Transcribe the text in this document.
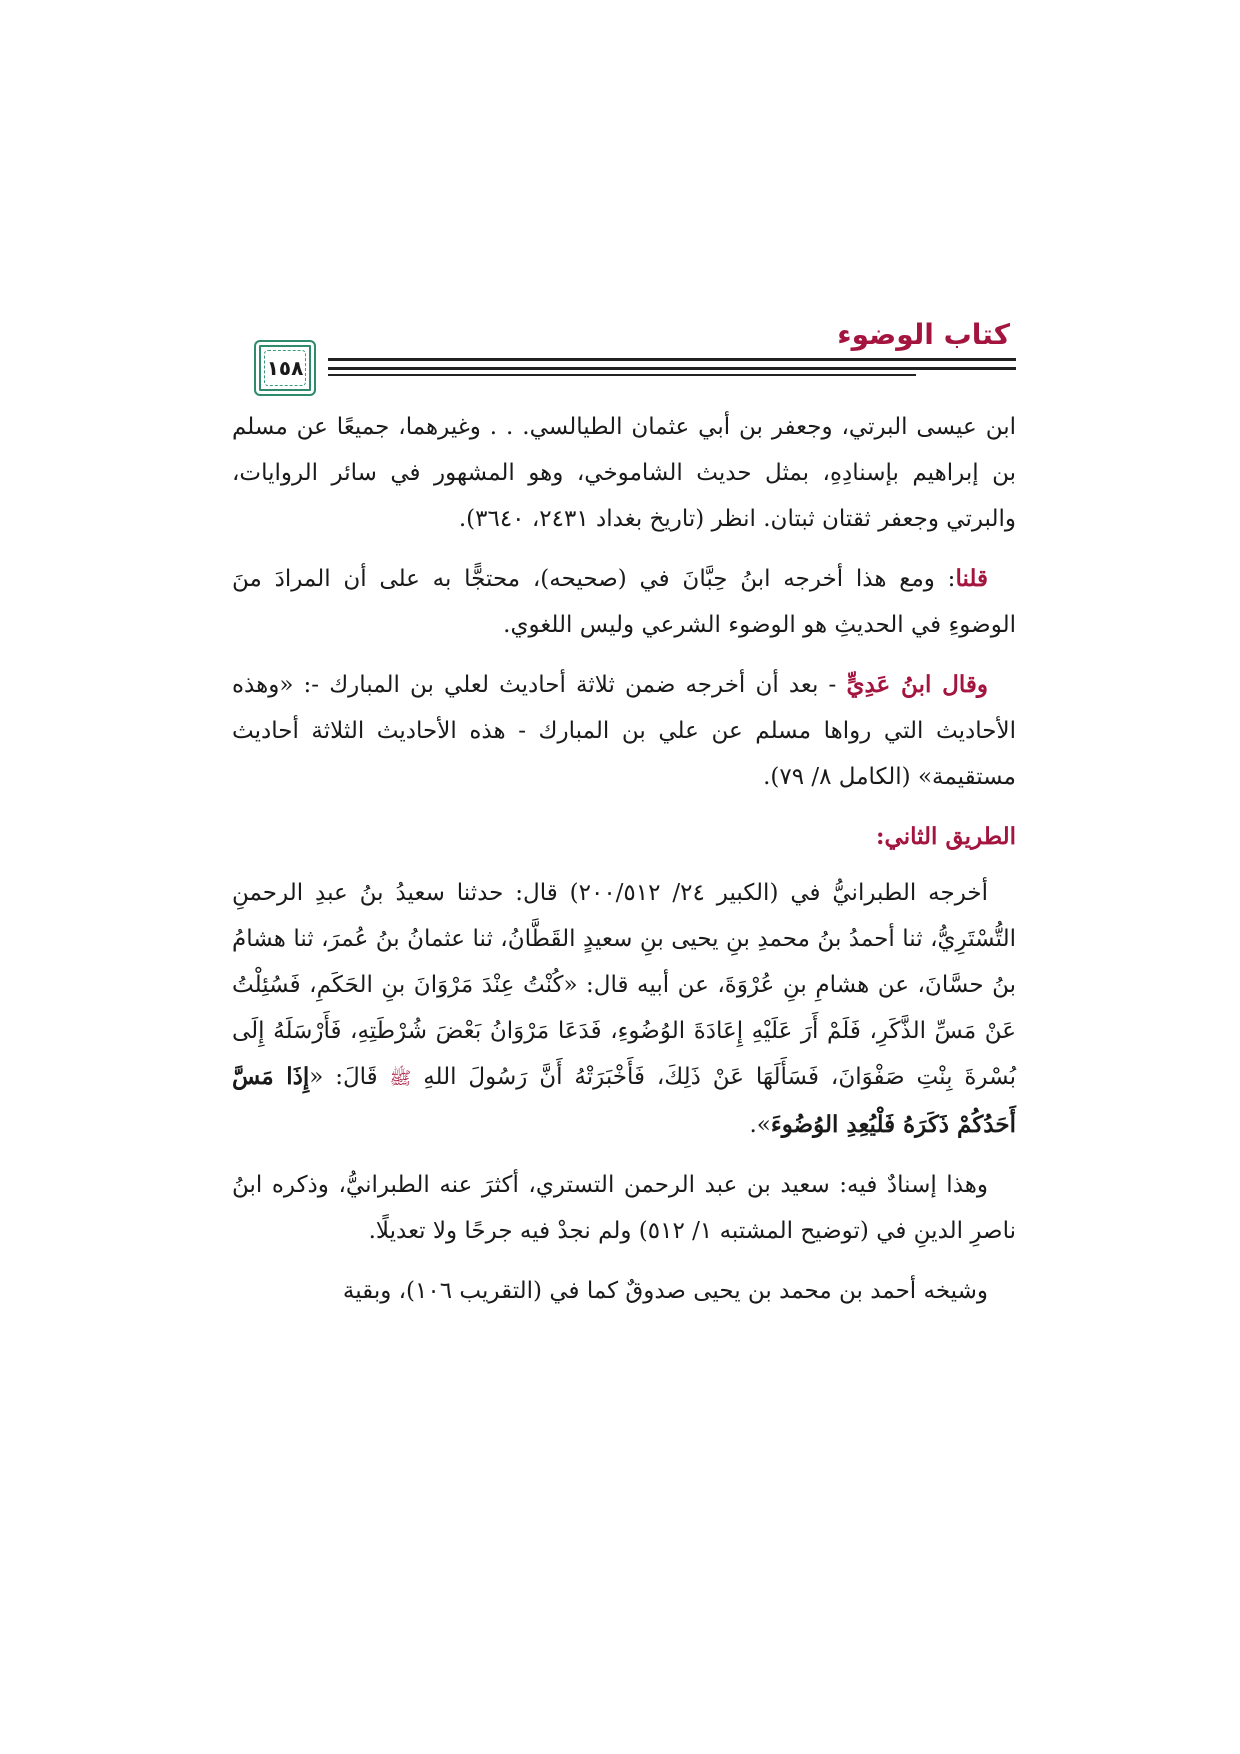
كتاب الوضوء
١٥٨

ابن عيسى البرتي، وجعفر بن أبي عثمان الطيالسي. . . وغيرهما، جميعًا عن مسلم بن إبراهيم بإسنادِهِ، بمثل حديث الشاموخي، وهو المشهور في سائر الروايات، والبرتي وجعفر ثقتان ثبتان. انظر (تاريخ بغداد ٢٤٣١، ٣٦٤٠).

قلنا: ومع هذا أخرجه ابنُ حِبَّانَ في (صحيحه)، محتجًّا به على أن المرادَ منَ الوضوءِ في الحديثِ هو الوضوء الشرعي وليس اللغوي.

وقال ابنُ عَدِيٍّ - بعد أن أخرجه ضمن ثلاثة أحاديث لعلي بن المبارك -: «وهذه الأحاديث التي رواها مسلم عن علي بن المبارك - هذه الأحاديث الثلاثة أحاديث مستقيمة» (الكامل ٨/ ٧٩).

الطريق الثاني:

أخرجه الطبرانيُّ في (الكبير ٢٤/ ٢٠٠/٥١٢) قال: حدثنا سعيدُ بنُ عبدِ الرحمنِ التُّسْتَرِيُّ، ثنا أحمدُ بنُ محمدِ بنِ يحيى بنِ سعيدٍ القَطَّانُ، ثنا عثمانُ بنُ عُمرَ، ثنا هشامُ بنُ حسَّانَ، عن هشامِ بنِ عُرْوَةَ، عن أبيه قال: «كُنْتُ عِنْدَ مَرْوَانَ بنِ الحَكَمِ، فَسُئِلْتُ عَنْ مَسِّ الذَّكَرِ، فَلَمْ أَرَ عَلَيْهِ إِعَادَةَ الوُضُوءِ، فَدَعَا مَرْوَانُ بَعْضَ شُرْطَتِهِ، فَأَرْسَلَهُ إِلَى بُسْرةَ بِنْتِ صَفْوَانَ، فَسَأَلَهَا عَنْ ذَلِكَ، فَأَخْبَرَتْهُ أَنَّ رَسُولَ اللهِ ﷺ قَالَ: «إِذَا مَسَّ أَحَدُكُمْ ذَكَرَهُ فَلْيُعِدِ الوُضُوءَ».

وهذا إسنادٌ فيه: سعيد بن عبد الرحمن التستري، أكثرَ عنه الطبرانيُّ، وذكره ابنُ ناصرِ الدينِ في (توضيح المشتبه ١/ ٥١٢) ولم نجدْ فيه جرحًا ولا تعديلًا.

وشيخه أحمد بن محمد بن يحيى صدوقٌ كما في (التقريب ١٠٦)، وبقية
